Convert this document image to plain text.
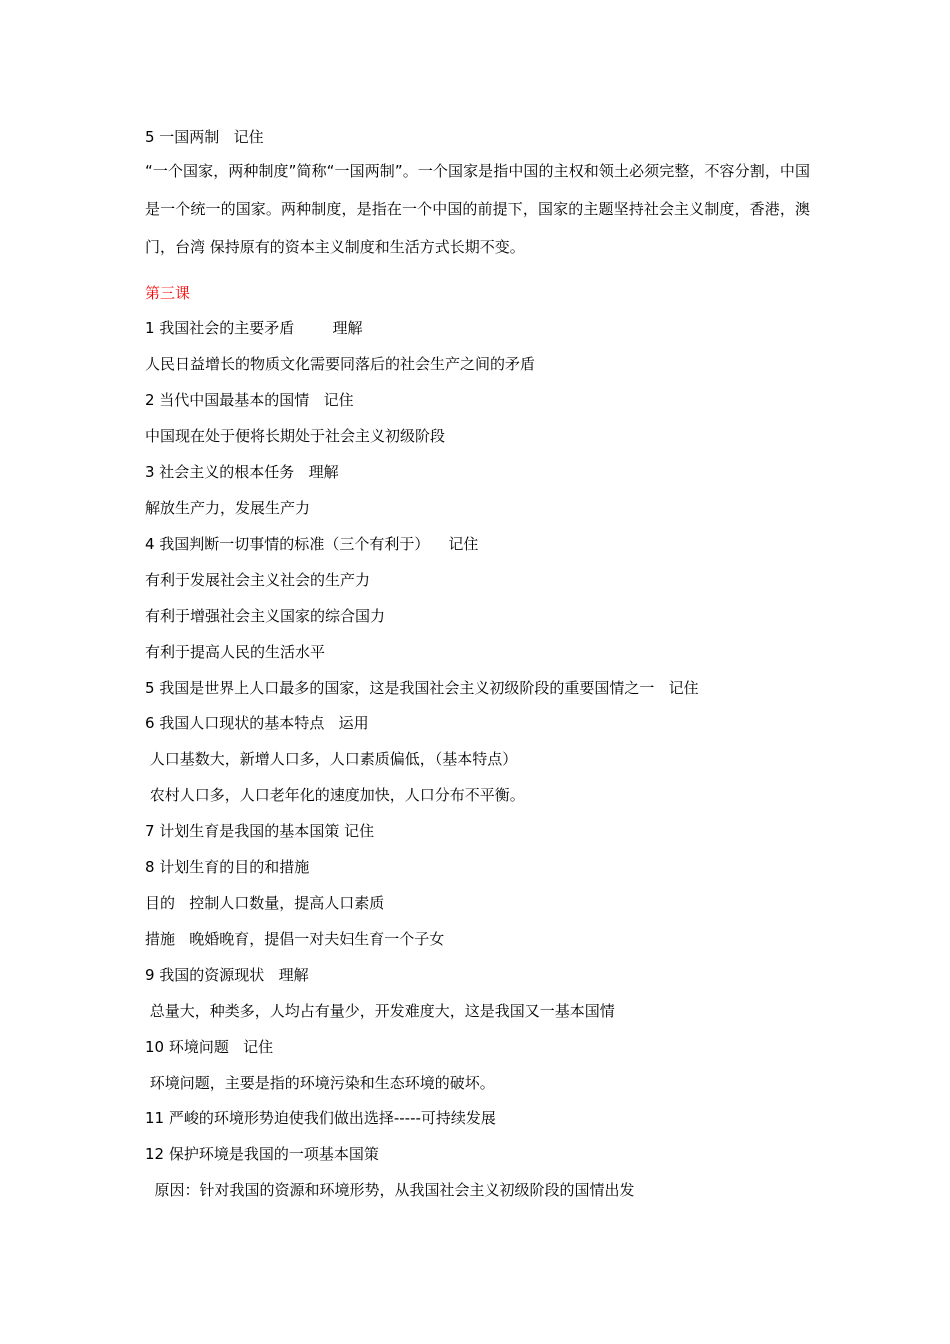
5 一国两制   记住
“一个国家，两种制度”简称“一国两制”。一个国家是指中国的主权和领土必须完整，不容分割，中国是一个统一的国家。两种制度，是指在一个中国的前提下，国家的主题坚持社会主义制度，香港，澳门，台湾 保持原有的资本主义制度和生活方式长期不变。
第三课
1 我国社会的主要矛盾        理解
人民日益增长的物质文化需要同落后的社会生产之间的矛盾
2 当代中国最基本的国情   记住
中国现在处于便将长期处于社会主义初级阶段
3 社会主义的根本任务   理解
解放生产力，发展生产力
4 我国判断一切事情的标准（三个有利于）    记住
有利于发展社会主义社会的生产力
有利于增强社会主义国家的综合国力
有利于提高人民的生活水平
5 我国是世界上人口最多的国家，这是我国社会主义初级阶段的重要国情之一   记住
6 我国人口现状的基本特点   运用
人口基数大，新增人口多，人口素质偏低，（基本特点）
农村人口多，人口老年化的速度加快，人口分布不平衡。
7 计划生育是我国的基本国策 记住
8 计划生育的目的和措施
目的   控制人口数量，提高人口素质
措施   晚婚晚育，提倡一对夫妇生育一个子女
9 我国的资源现状   理解
总量大，种类多，人均占有量少，开发难度大，这是我国又一基本国情
10 环境问题   记住
环境问题，主要是指的环境污染和生态环境的破坏。
11 严峻的环境形势迫使我们做出选择-----可持续发展
12 保护环境是我国的一项基本国策
原因：针对我国的资源和环境形势，从我国社会主义初级阶段的国情出发
